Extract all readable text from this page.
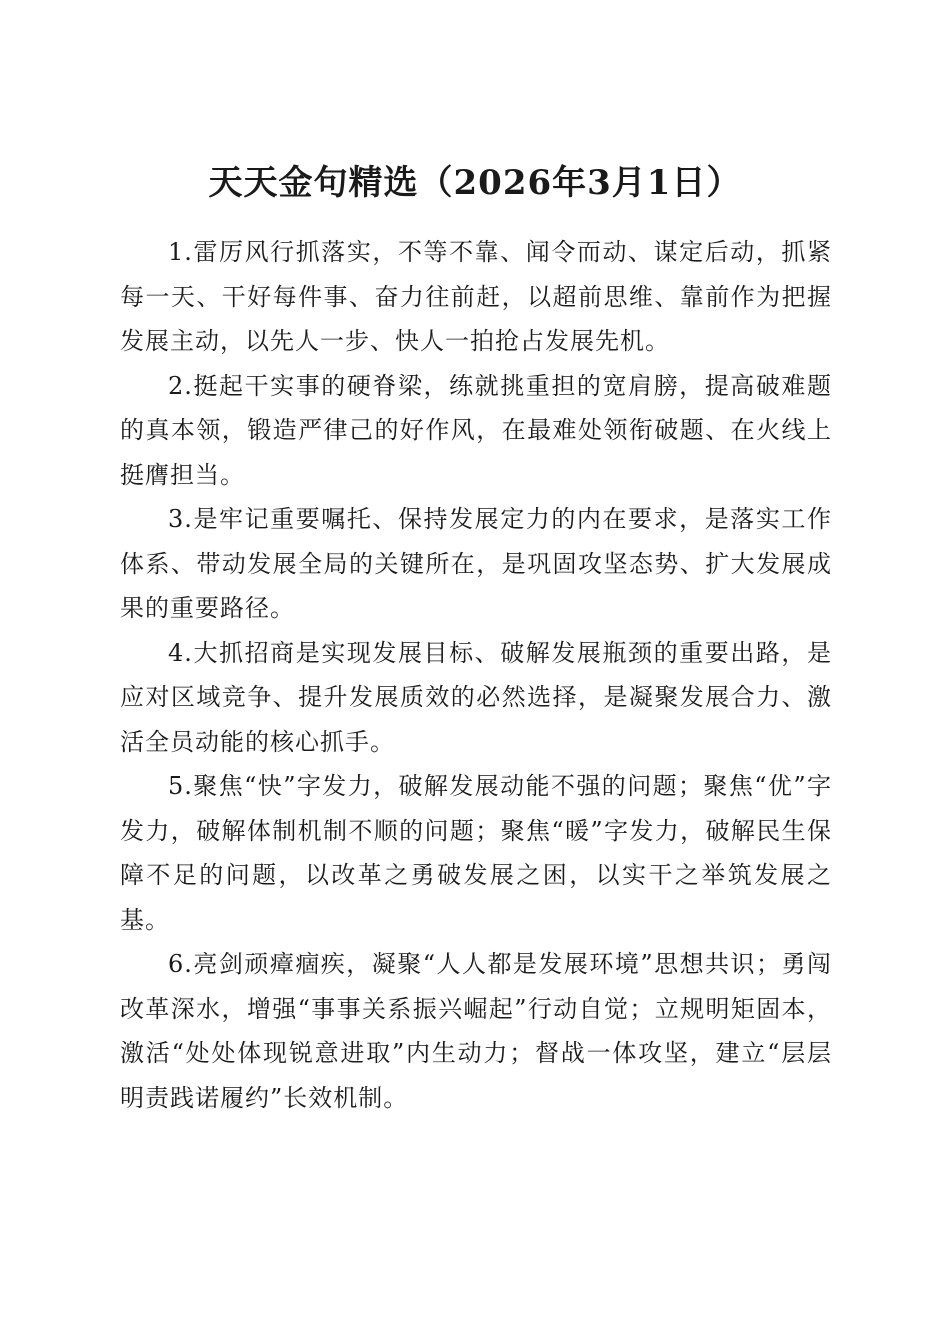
天天金句精选（2026年3月1日）

1.雷厉风行抓落实，不等不靠、闻令而动、谋定后动，抓紧每一天、干好每件事、奋力往前赶，以超前思维、靠前作为把握发展主动，以先人一步、快人一拍抢占发展先机。

2.挺起干实事的硬脊梁，练就挑重担的宽肩膀，提高破难题的真本领，锻造严律己的好作风，在最难处领衔破题、在火线上挺膺担当。

3.是牢记重要嘱托、保持发展定力的内在要求，是落实工作体系、带动发展全局的关键所在，是巩固攻坚态势、扩大发展成果的重要路径。

4.大抓招商是实现发展目标、破解发展瓶颈的重要出路，是应对区域竞争、提升发展质效的必然选择，是凝聚发展合力、激活全员动能的核心抓手。

5.聚焦“快”字发力，破解发展动能不强的问题；聚焦“优”字发力，破解体制机制不顺的问题；聚焦“暖”字发力，破解民生保障不足的问题，以改革之勇破发展之困，以实干之举筑发展之基。

6.亮剑顽瘴痼疾，凝聚“人人都是发展环境”思想共识；勇闯改革深水，增强“事事关系振兴崛起”行动自觉；立规明矩固本，激活“处处体现锐意进取”内生动力；督战一体攻坚，建立“层层明责践诺履约”长效机制。
